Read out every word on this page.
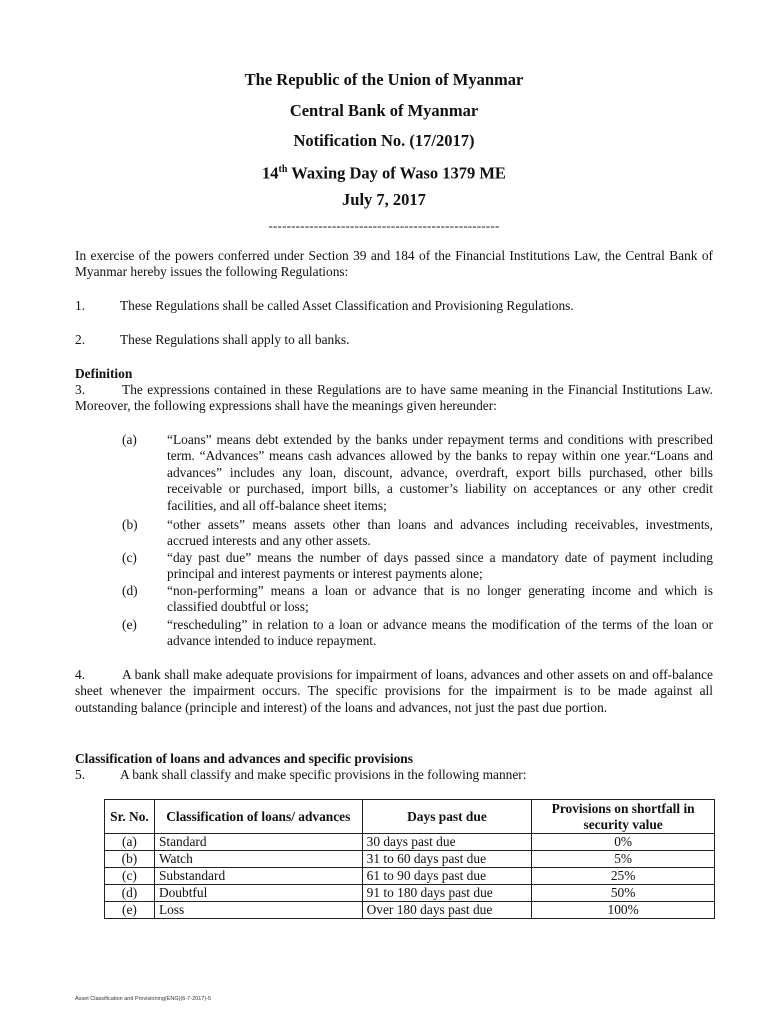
The Republic of the Union of Myanmar
Central Bank of Myanmar
Notification No. (17/2017)
14th Waxing Day of Waso 1379 ME
July 7, 2017
---------------------------------------------------

In exercise of the powers conferred under Section 39 and 184 of the Financial Institutions Law, the Central Bank of Myanmar hereby issues the following Regulations:

1.	These Regulations shall be called Asset Classification and Provisioning Regulations.
2.	These Regulations shall apply to all banks.
Definition

3.	The expressions contained in these Regulations are to have same meaning in the Financial Institutions Law. Moreover, the following expressions shall have the meanings given hereunder:

(a) “Loans” means debt extended by the banks under repayment terms and conditions with prescribed term. “Advances” means cash advances allowed by the banks to repay within one year.“Loans and advances” includes any loan, discount, advance, overdraft, export bills purchased, other bills receivable or purchased, import bills, a customer’s liability on acceptances or any other credit facilities, and all off-balance sheet items;

(b) “other assets” means assets other than loans and advances including receivables, investments, accrued interests and any other assets.

(c) “day past due” means the number of days passed since a mandatory date of payment including principal and interest payments or interest payments alone;

(d) “non-performing” means a loan or advance that is no longer generating income and which is classified doubtful or loss;

(e) “rescheduling” in relation to a loan or advance means the modification of the terms of the loan or advance intended to induce repayment.

4.	A bank shall make adequate provisions for impairment of loans, advances and other assets on and off-balance sheet whenever the impairment occurs. The specific provisions for the impairment is to be made against all outstanding balance (principle and interest) of the loans and advances, not just the past due portion.

Classification of loans and advances and specific provisions
5.	A bank shall classify and make specific provisions in the following manner:
Sr. No.	Classification of loans/ advances	Days past due	Provisions on shortfall in security value
(a)	Standard	30 days past due	0%
(b)	Watch	31 to 60 days past due	5%
(c)	Substandard	61 to 90 days past due	25%
(d)	Doubtful	91 to 180 days past due	50%
(e)	Loss	Over 180 days past due	100%
Asset Classification and Provisioning(ENG)(6-7-2017)-5
